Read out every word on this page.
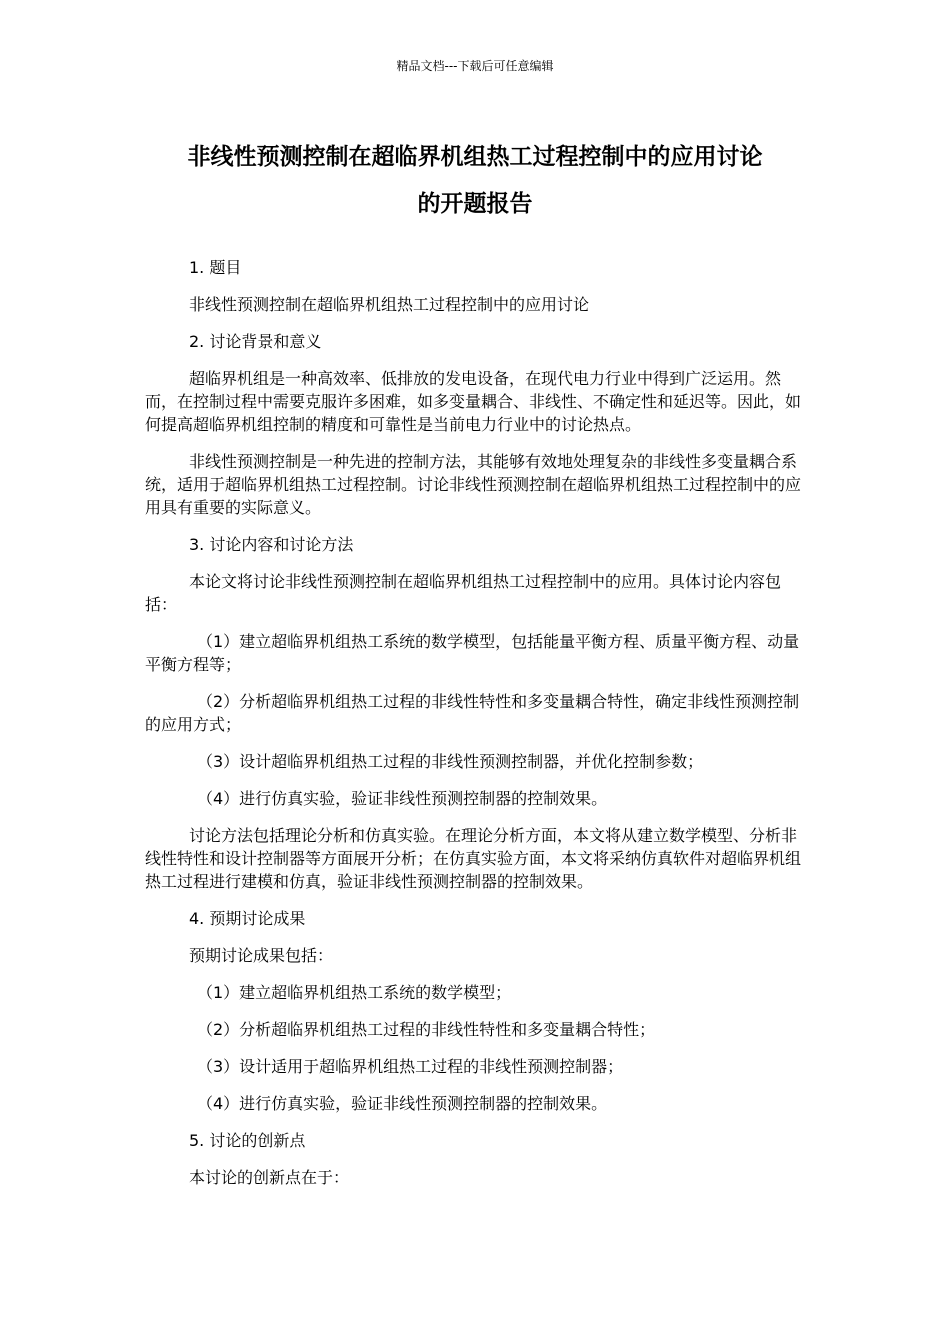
精品文档---下载后可任意编辑
非线性预测控制在超临界机组热工过程控制中的应用讨论
的开题报告

1. 题目

非线性预测控制在超临界机组热工过程控制中的应用讨论

2. 讨论背景和意义

超临界机组是一种高效率、低排放的发电设备，在现代电力行业中得到广泛运用。然而，在控制过程中需要克服许多困难，如多变量耦合、非线性、不确定性和延迟等。因此，如何提高超临界机组控制的精度和可靠性是当前电力行业中的讨论热点。

非线性预测控制是一种先进的控制方法，其能够有效地处理复杂的非线性多变量耦合系统，适用于超临界机组热工过程控制。讨论非线性预测控制在超临界机组热工过程控制中的应用具有重要的实际意义。

3. 讨论内容和讨论方法

本论文将讨论非线性预测控制在超临界机组热工过程控制中的应用。具体讨论内容包括：

（1）建立超临界机组热工系统的数学模型，包括能量平衡方程、质量平衡方程、动量平衡方程等；

（2）分析超临界机组热工过程的非线性特性和多变量耦合特性，确定非线性预测控制的应用方式；

（3）设计超临界机组热工过程的非线性预测控制器，并优化控制参数；

（4）进行仿真实验，验证非线性预测控制器的控制效果。

讨论方法包括理论分析和仿真实验。在理论分析方面，本文将从建立数学模型、分析非线性特性和设计控制器等方面展开分析；在仿真实验方面，本文将采纳仿真软件对超临界机组热工过程进行建模和仿真，验证非线性预测控制器的控制效果。

4. 预期讨论成果

预期讨论成果包括：

（1）建立超临界机组热工系统的数学模型；

（2）分析超临界机组热工过程的非线性特性和多变量耦合特性；

（3）设计适用于超临界机组热工过程的非线性预测控制器；

（4）进行仿真实验，验证非线性预测控制器的控制效果。

5. 讨论的创新点

本讨论的创新点在于：
